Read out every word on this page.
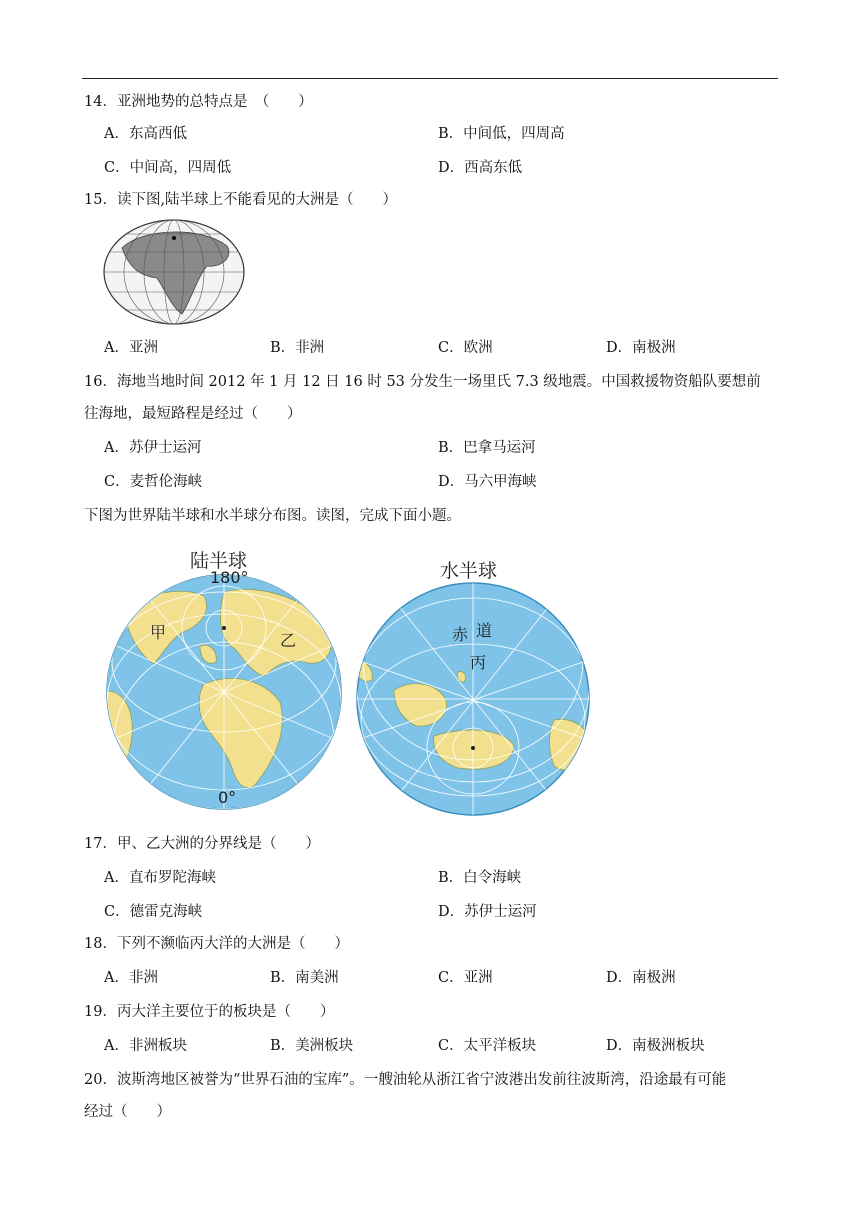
14．亚洲地势的总特点是　（　　）
A．东高西低	B．中间低，四周高
C．中间高，四周低	D．西高东低
15．读下图,陆半球上不能看见的大洲是（　　）
A．亚洲	B．非洲	C．欧洲	D．南极洲
16．海地当地时间 2012 年 1 月 12 日 16 时 53 分发生一场里氏 7.3 级地震。中国救援物资船队要想前
往海地，最短路程是经过（　　）
A．苏伊士运河	B．巴拿马运河
C．麦哲伦海峡	D．马六甲海峡
下图为世界陆半球和水半球分布图。读图，完成下面小题。
陆半球
180°
0°
甲	乙
水半球
赤 道
丙
17．甲、乙大洲的分界线是（　　）
A．直布罗陀海峡	B．白令海峡
C．德雷克海峡	D．苏伊士运河
18．下列不濒临丙大洋的大洲是（　　）
A．非洲	B．南美洲	C．亚洲	D．南极洲
19．丙大洋主要位于的板块是（　　）
A．非洲板块	B．美洲板块	C．太平洋板块	D．南极洲板块
20．波斯湾地区被誉为“世界石油的宝库”。一艘油轮从浙江省宁波港出发前往波斯湾，沿途最有可能
经过（　　）
